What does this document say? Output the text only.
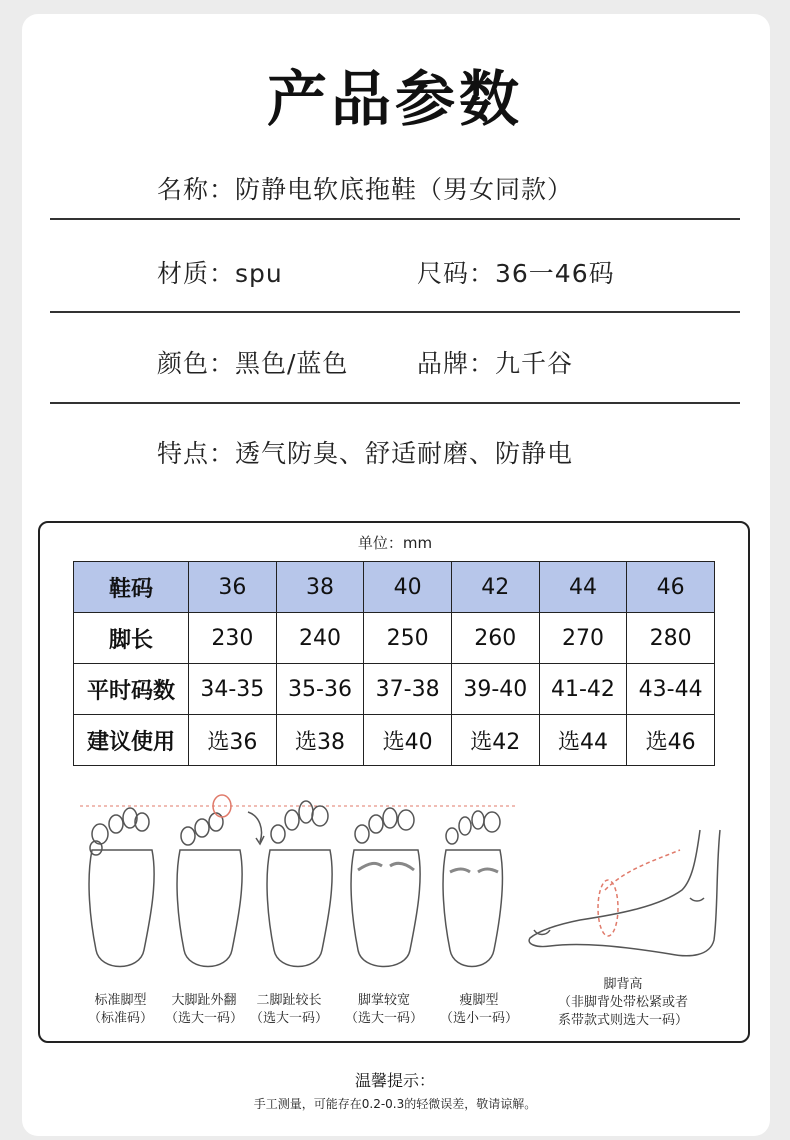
产品参数
名称：防静电软底拖鞋（男女同款）
材质：spu	尺码：36一46码
颜色：黑色/蓝色	品牌：九千谷
特点：透气防臭、舒适耐磨、防静电
单位：mm
鞋码	36	38	40	42	44	46
脚长	230	240	250	260	270	280
平时码数	34-35	35-36	37-38	39-40	41-42	43-44
建议使用	选36	选38	选40	选42	选44	选46
标准脚型
（标准码）
大脚趾外翻
（选大一码）
二脚趾较长
（选大一码）
脚掌较宽
（选大一码）
瘦脚型
（选小一码）
脚背高
（非脚背处带松紧或者
系带款式则选大一码）
温馨提示：
手工测量，可能存在0.2-0.3的轻微误差，敬请谅解。
